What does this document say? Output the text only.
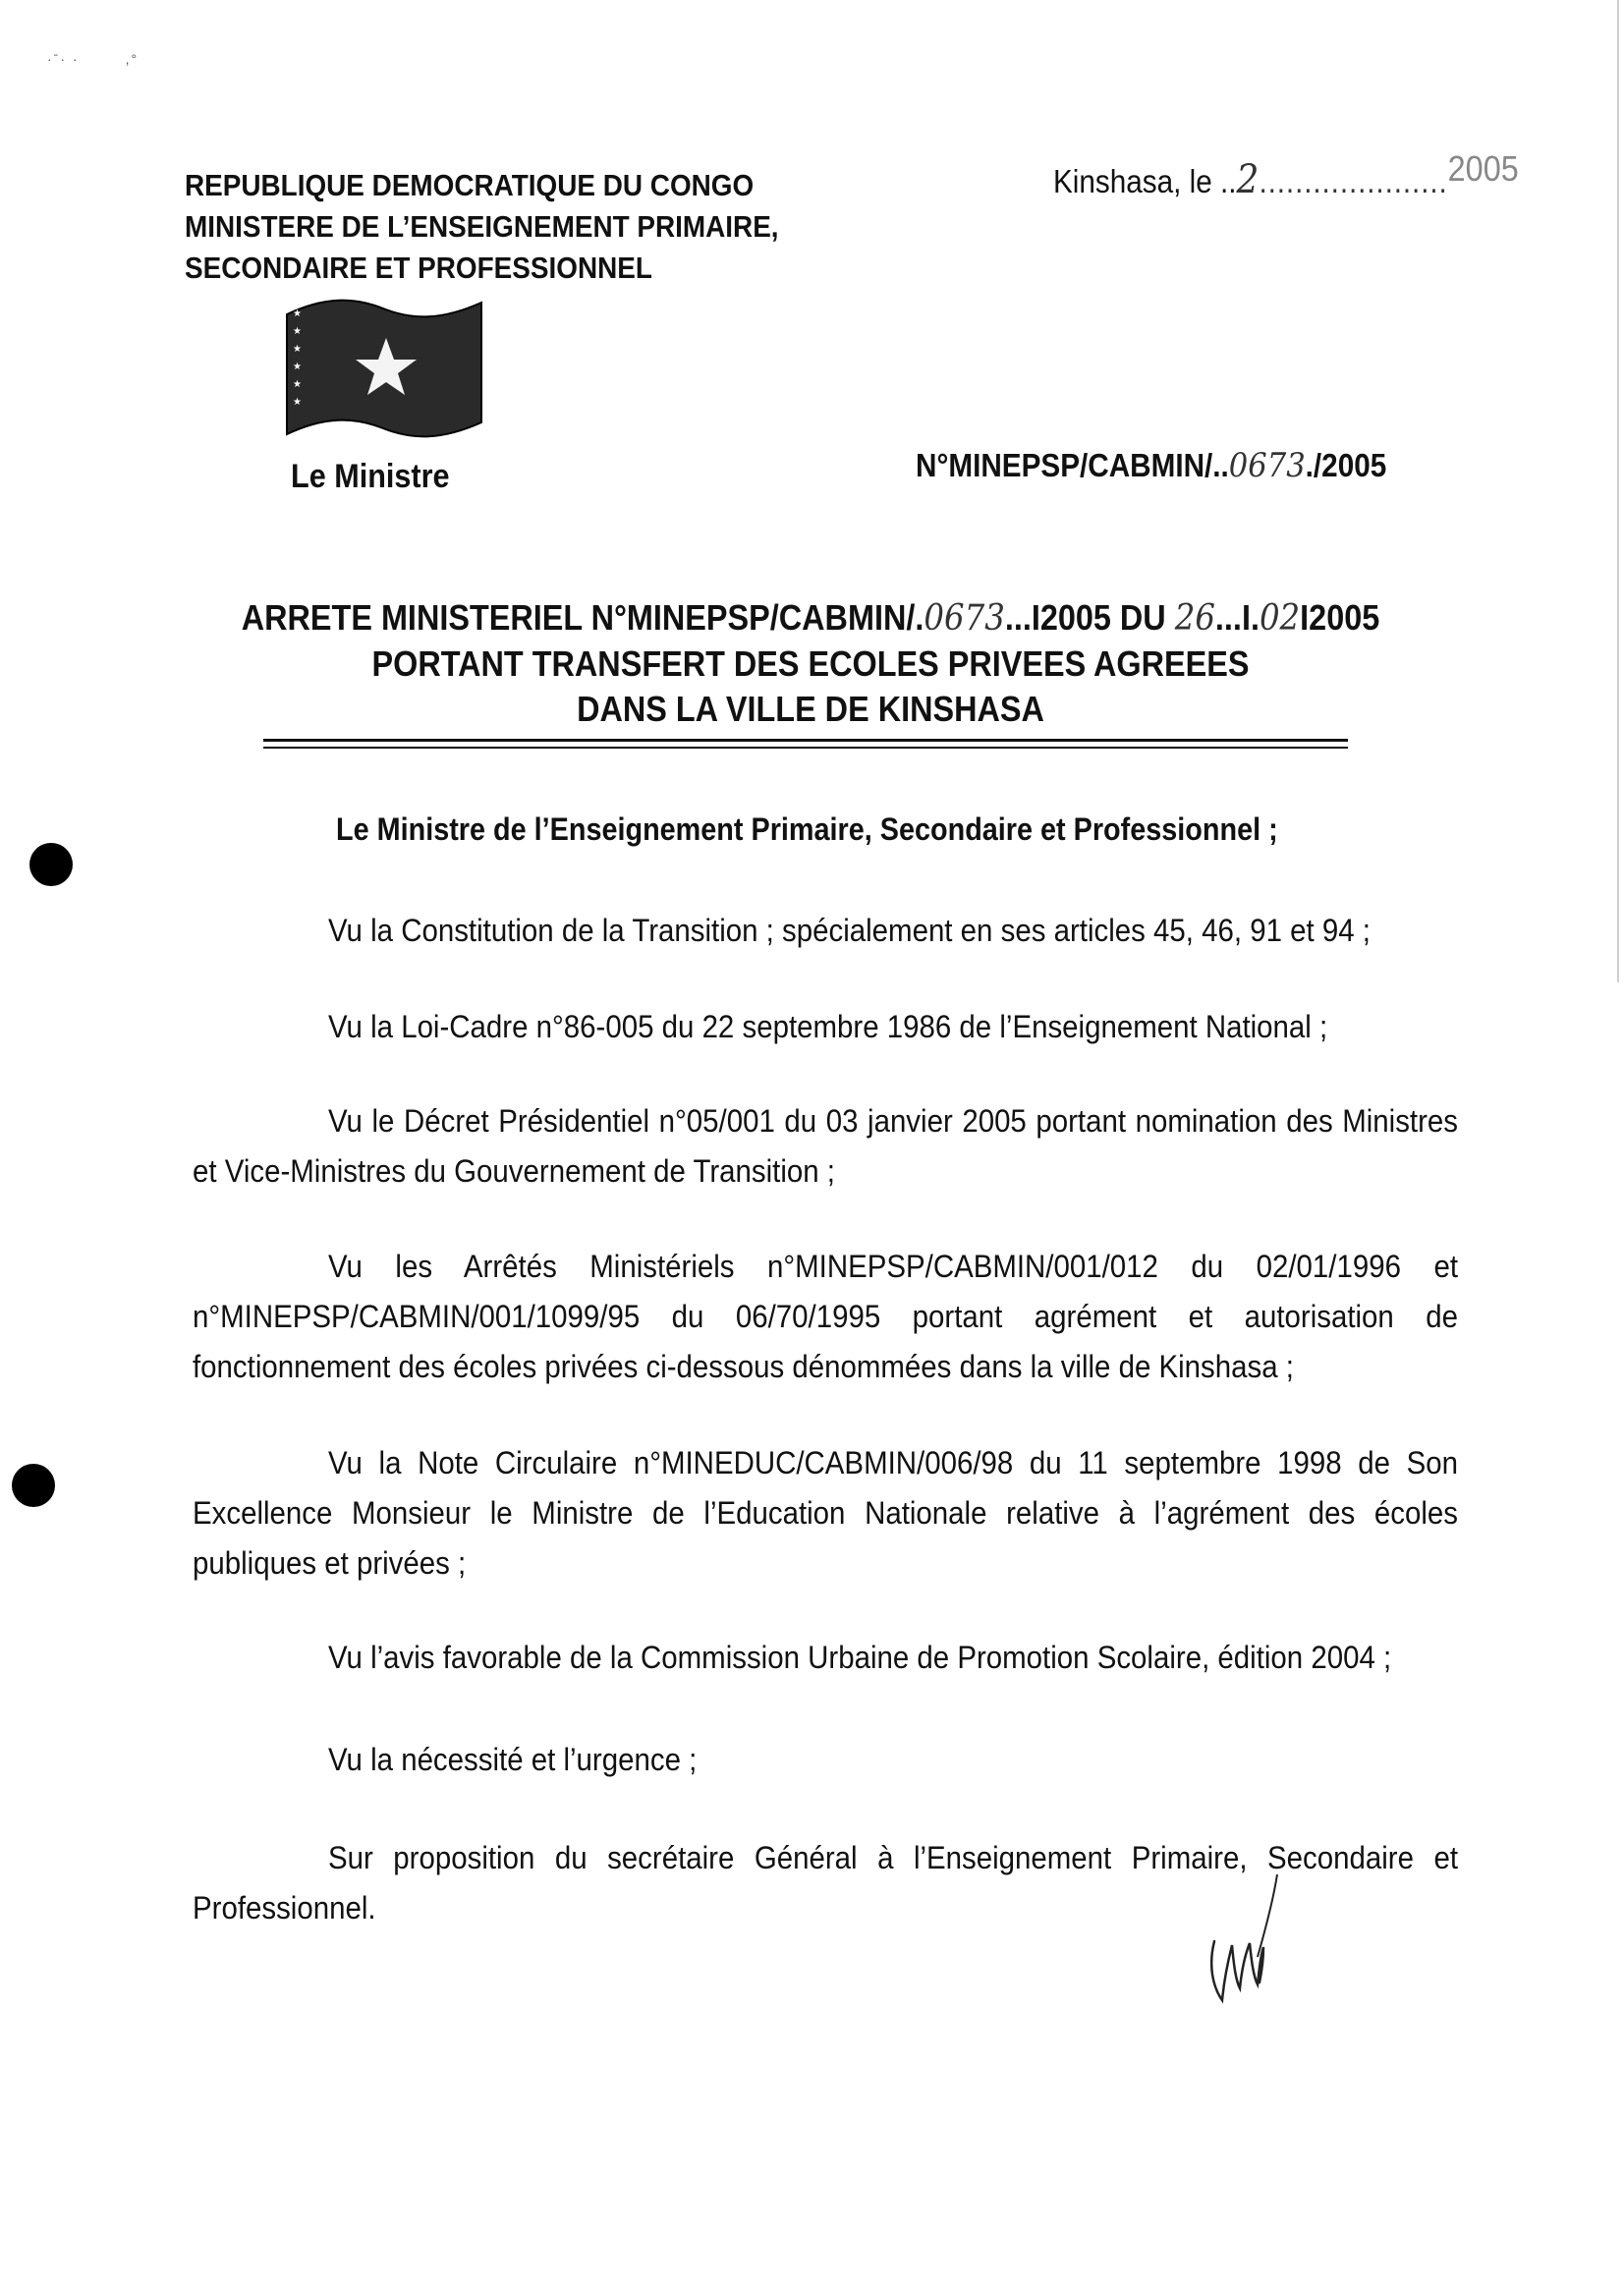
·ˉ· ·        ,°
REPUBLIQUE DEMOCRATIQUE DU CONGO
MINISTERE DE L’ENSEIGNEMENT PRIMAIRE,
SECONDAIRE ET PROFESSIONNEL
Kinshasa, le ..2.....................2005
★
★
★
★
★
★
Le Ministre	N°MINEPSP/CABMIN/..0673./2005
ARRETE MINISTERIEL N°MINEPSP/CABMIN/.0673...I2005 DU 26...I.02I2005
PORTANT TRANSFERT DES ECOLES PRIVEES AGREEES
DANS LA VILLE DE KINSHASA
Le Ministre de l’Enseignement Primaire, Secondaire et Professionnel ;
Vu la Constitution de la Transition ; spécialement en ses articles 45, 46, 91 et 94 ;
Vu la Loi-Cadre n°86-005 du 22 septembre 1986 de l’Enseignement National ;
Vu le Décret Présidentiel n°05/001 du 03 janvier 2005 portant nomination des Ministres et Vice-Ministres du Gouvernement de Transition ;
Vu les Arrêtés Ministériels n°MINEPSP/CABMIN/001/012 du 02/01/1996 et n°MINEPSP/CABMIN/001/1099/95 du 06/70/1995 portant agrément et autorisation de fonctionnement des écoles privées ci-dessous dénommées dans la ville de Kinshasa ;
Vu la Note Circulaire n°MINEDUC/CABMIN/006/98 du 11 septembre 1998 de Son Excellence Monsieur le Ministre de l’Education Nationale relative à l’agrément des écoles publiques et privées ;
Vu l’avis favorable de la Commission Urbaine de Promotion Scolaire, édition 2004 ;
Vu la nécessité et l’urgence ;
Sur proposition du secrétaire Général à l’Enseignement Primaire, Secondaire et Professionnel.
